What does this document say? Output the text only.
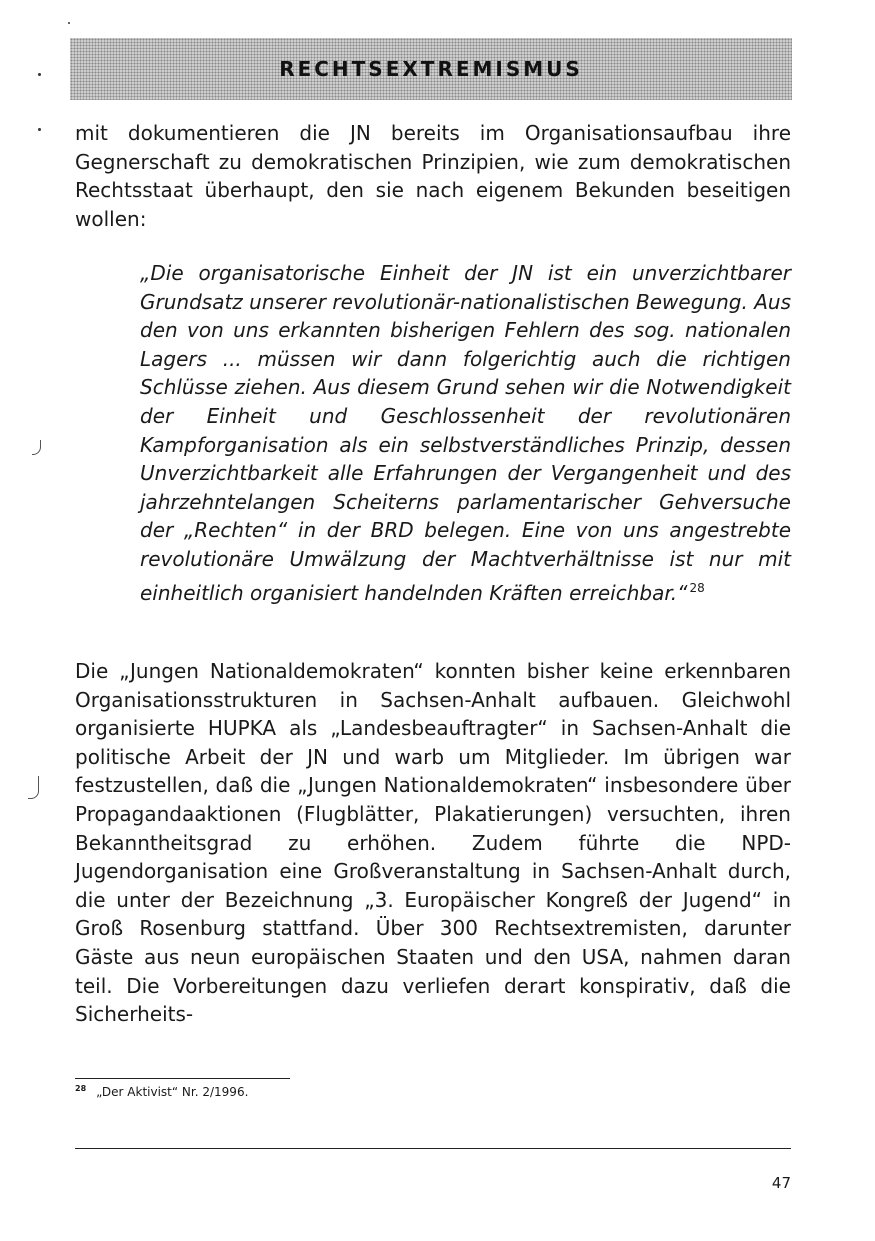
RECHTSEXTREMISMUS

mit dokumentieren die JN bereits im Organisationsaufbau ihre Gegnerschaft zu demokratischen Prinzipien, wie zum demokratischen Rechtsstaat überhaupt, den sie nach eigenem Bekunden beseitigen wollen:

„Die organisatorische Einheit der JN ist ein unverzichtbarer Grundsatz unserer revolutionär-nationalistischen Bewegung. Aus den von uns erkannten bisherigen Fehlern des sog. nationalen Lagers ... müssen wir dann folgerichtig auch die richtigen Schlüsse ziehen. Aus diesem Grund sehen wir die Notwendigkeit der Einheit und Geschlossenheit der revolutionären Kampforganisation als ein selbstverständliches Prinzip, dessen Unverzichtbarkeit alle Erfahrungen der Vergangenheit und des jahrzehntelangen Scheiterns parlamentarischer Gehversuche der „Rechten“ in der BRD belegen. Eine von uns angestrebte revolutionäre Umwälzung der Machtverhältnisse ist nur mit einheitlich organisiert handelnden Kräften erreichbar.“ $^{28}$

Die „Jungen Nationaldemokraten“ konnten bisher keine erkennbaren Organisationsstrukturen in Sachsen-Anhalt aufbauen. Gleichwohl organisierte HUPKA als „Landesbeauftragter“ in Sachsen-Anhalt die politische Arbeit der JN und warb um Mitglieder. Im übrigen war festzustellen, daß die „Jungen Nationaldemokraten“ insbesondere über Propagandaaktionen (Flugblätter, Plakatierungen) versuchten, ihren Bekanntheitsgrad zu erhöhen. Zudem führte die NPD-Jugendorganisation eine Großveranstaltung in Sachsen-Anhalt durch, die unter der Bezeichnung „3. Europäischer Kongreß der Jugend“ in Groß Rosenburg stattfand. Über 300 Rechtsextremisten, darunter Gäste aus neun europäischen Staaten und den USA, nahmen daran teil. Die Vorbereitungen dazu verliefen derart konspirativ, daß die Sicherheits-

$^{28}$ „Der Aktivist“ Nr. 2/1996.

47
